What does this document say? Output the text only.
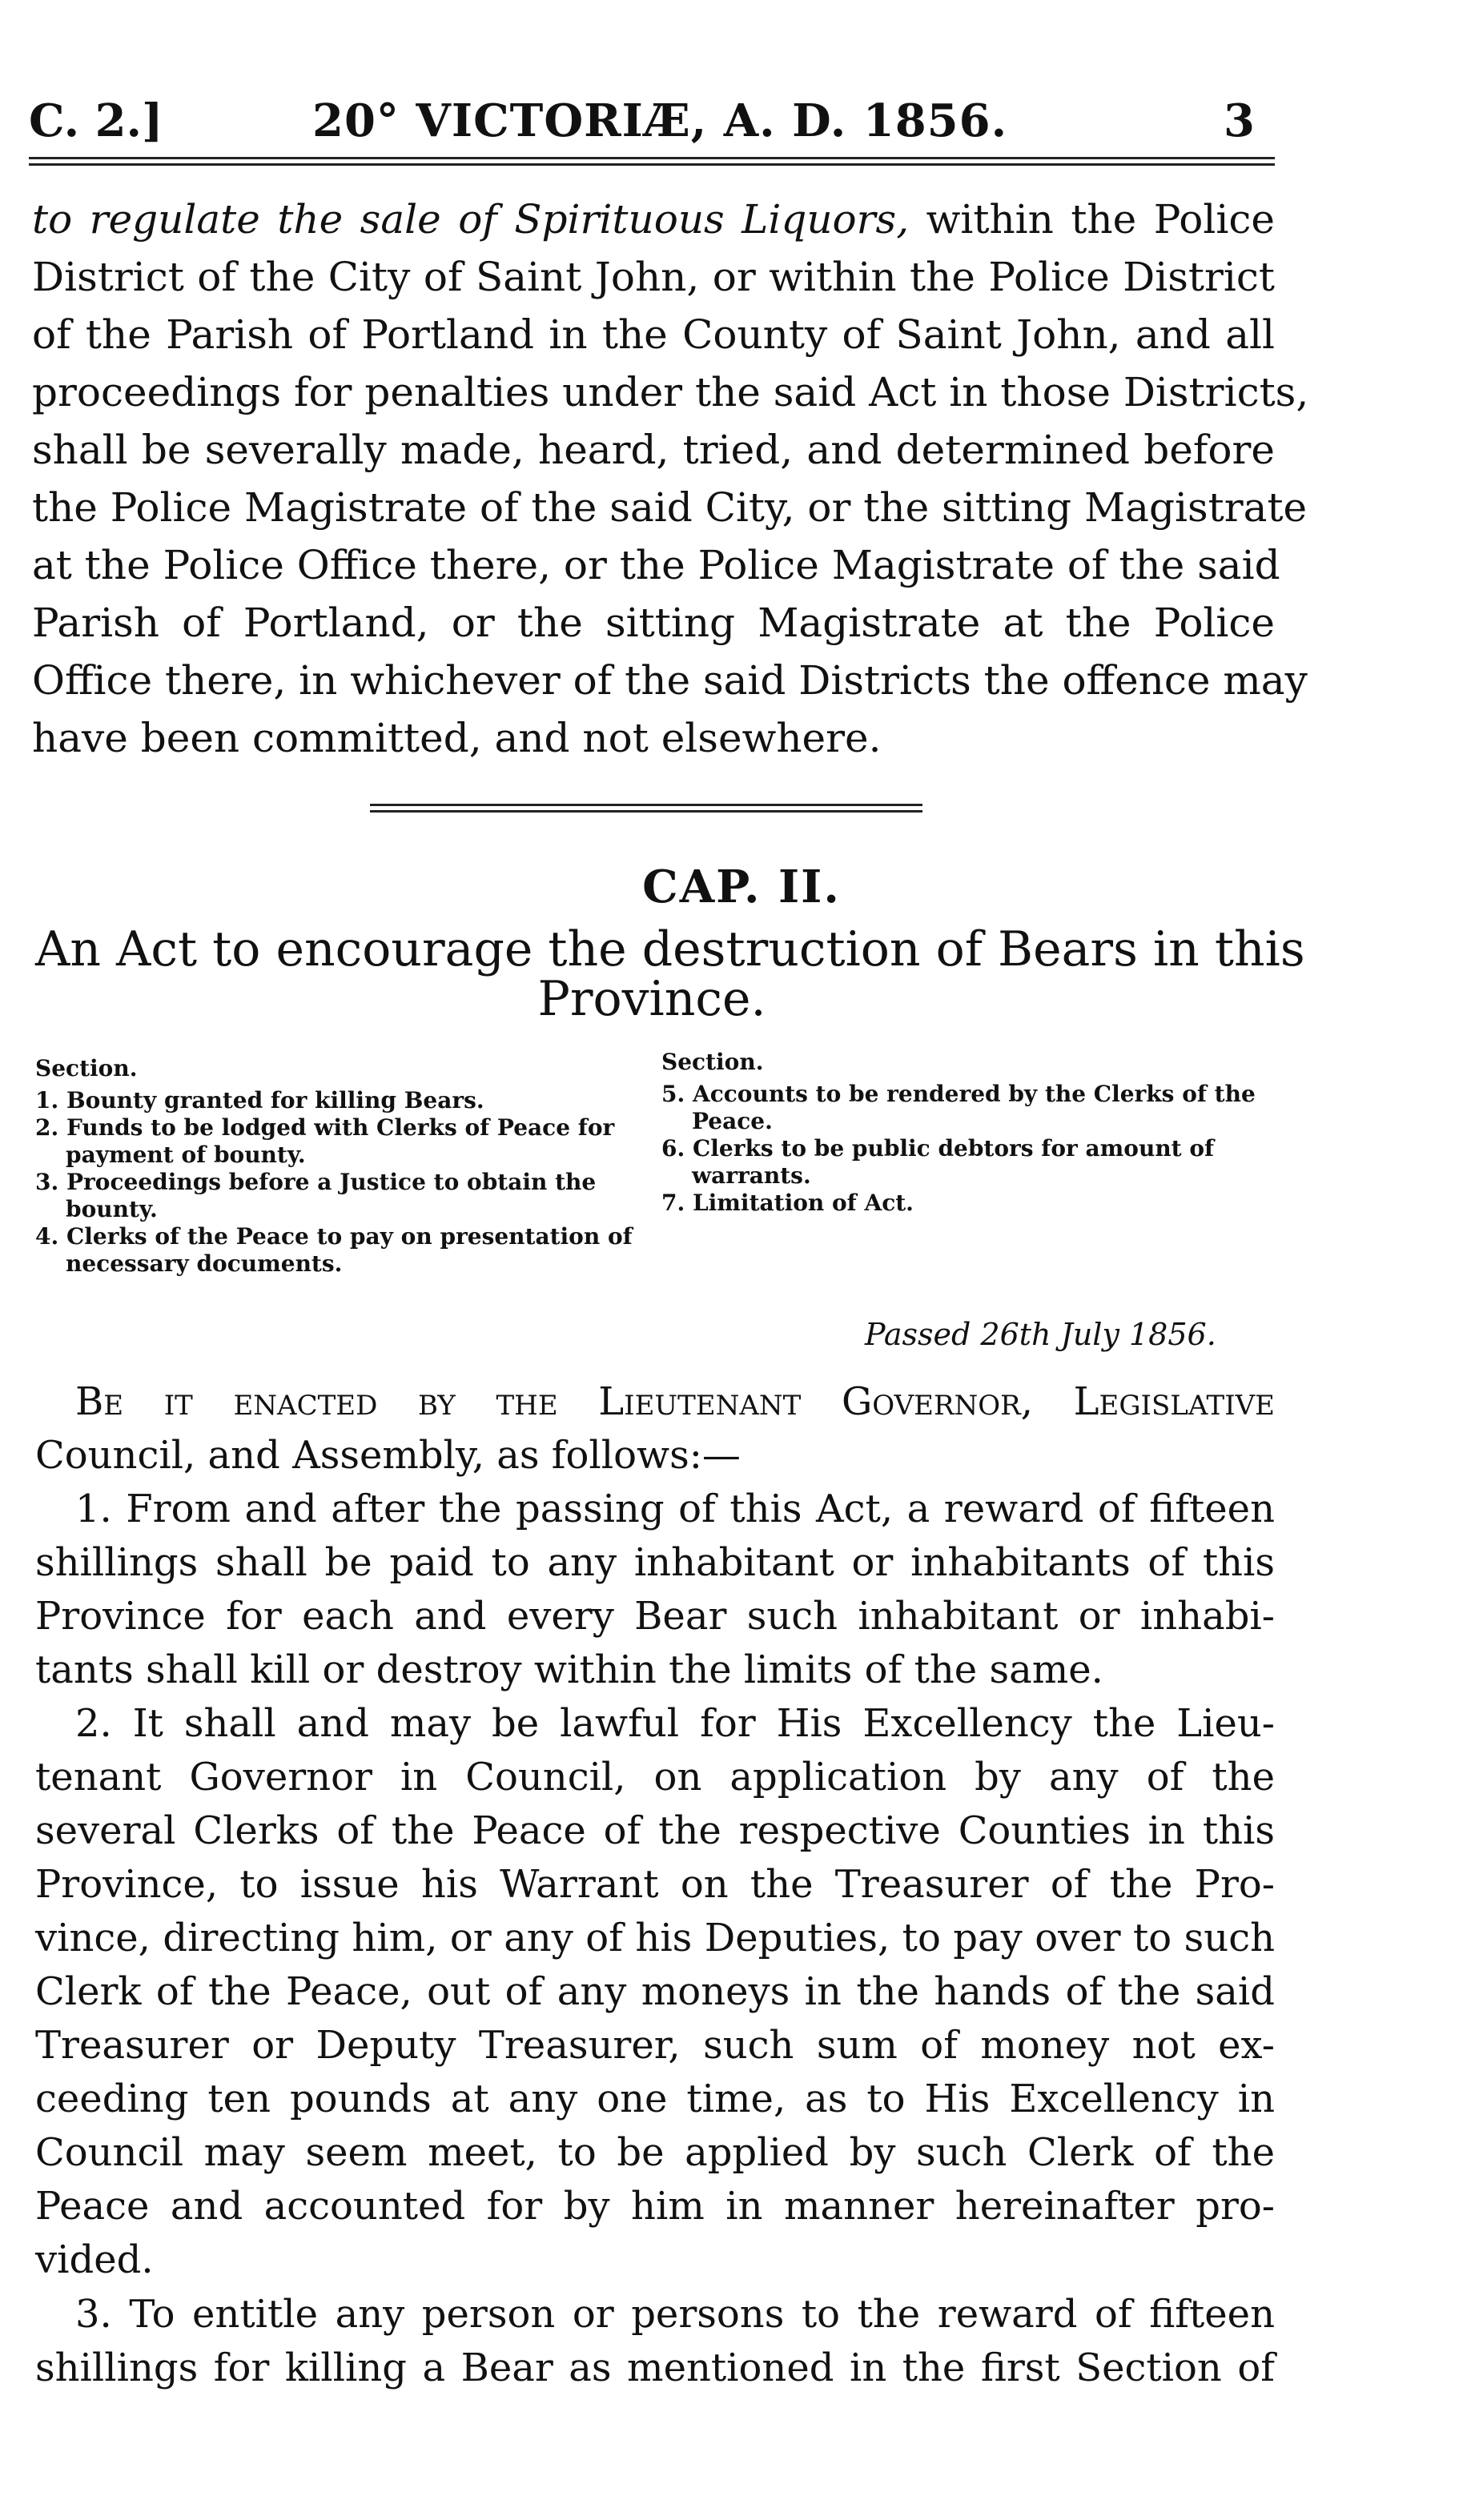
C. 2.]	20° VICTORIÆ, A. D. 1856.	3
to regulate the sale of Spirituous Liquors, within the Police
District of the City of Saint John, or within the Police District
of the Parish of Portland in the County of Saint John, and all
proceedings for penalties under the said Act in those Districts,
shall be severally made, heard, tried, and determined before
the Police Magistrate of the said City, or the sitting Magistrate
at the Police Office there, or the Police Magistrate of the said
Parish of Portland, or the sitting Magistrate at the Police
Office there, in whichever of the said Districts the offence may
have been committed, and not elsewhere.
CAP. II.
An Act to encourage the destruction of Bears in this
Province.
Section.
1. Bounty granted for killing Bears.
2. Funds to be lodged with Clerks of Peace for payment of bounty.
3. Proceedings before a Justice to obtain the bounty.
4. Clerks of the Peace to pay on presentation of necessary documents.
Section.
5. Accounts to be rendered by the Clerks of the Peace.
6. Clerks to be public debtors for amount of warrants.
7. Limitation of Act.
Passed 26th July 1856.
Be it enacted by the Lieutenant Governor, Legislative
Council, and Assembly, as follows:—
1. From and after the passing of this Act, a reward of fifteen
shillings shall be paid to any inhabitant or inhabitants of this
Province for each and every Bear such inhabitant or inhabi-
tants shall kill or destroy within the limits of the same.
2. It shall and may be lawful for His Excellency the Lieu-
tenant Governor in Council, on application by any of the
several Clerks of the Peace of the respective Counties in this
Province, to issue his Warrant on the Treasurer of the Pro-
vince, directing him, or any of his Deputies, to pay over to such
Clerk of the Peace, out of any moneys in the hands of the said
Treasurer or Deputy Treasurer, such sum of money not ex-
ceeding ten pounds at any one time, as to His Excellency in
Council may seem meet, to be applied by such Clerk of the
Peace and accounted for by him in manner hereinafter pro-
vided.
3. To entitle any person or persons to the reward of fifteen
shillings for killing a Bear as mentioned in the first Section of
